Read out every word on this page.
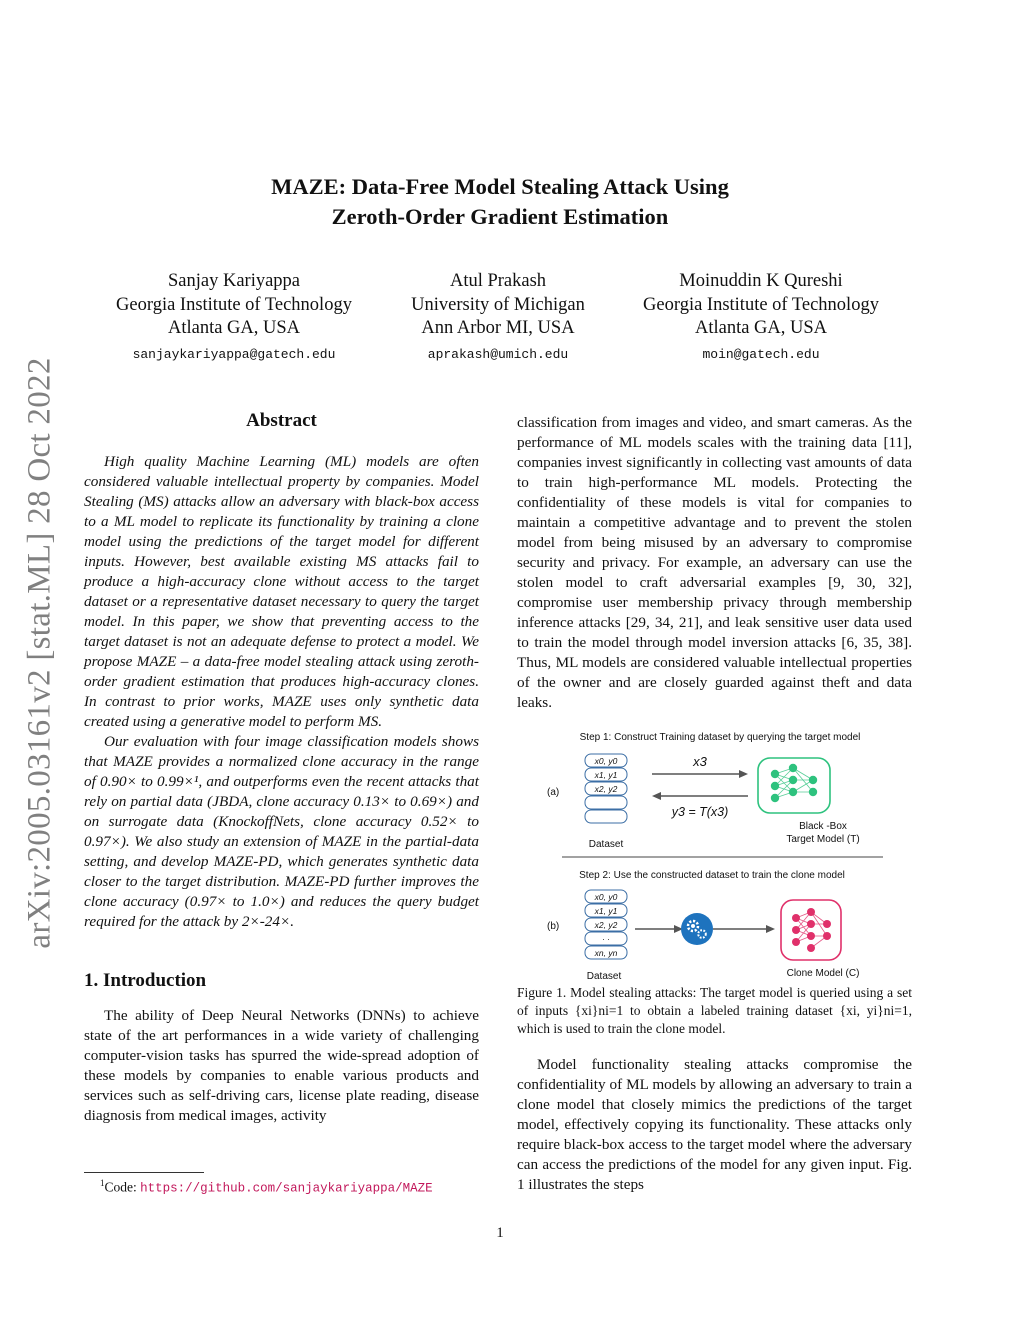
arXiv:2005.03161v2 [stat.ML] 28 Oct 2022
MAZE: Data-Free Model Stealing Attack Using
Zeroth-Order Gradient Estimation
Sanjay Kariyappa
Georgia Institute of Technology
Atlanta GA, USA
sanjaykariyappa@gatech.edu
Atul Prakash
University of Michigan
Ann Arbor MI, USA
aprakash@umich.edu
Moinuddin K Qureshi
Georgia Institute of Technology
Atlanta GA, USA
moin@gatech.edu
Abstract

High quality Machine Learning (ML) models are often considered valuable intellectual property by companies. Model Stealing (MS) attacks allow an adversary with black-box access to a ML model to replicate its functionality by training a clone model using the predictions of the target model for different inputs. However, best available existing MS attacks fail to produce a high-accuracy clone without access to the target dataset or a representative dataset necessary to query the target model. In this paper, we show that preventing access to the target dataset is not an adequate defense to protect a model. We propose MAZE – a data-free model stealing attack using zeroth-order gradient estimation that produces high-accuracy clones. In contrast to prior works, MAZE uses only synthetic data created using a generative model to perform MS.

Our evaluation with four image classification models shows that MAZE provides a normalized clone accuracy in the range of 0.90× to 0.99×¹, and outperforms even the recent attacks that rely on partial data (JBDA, clone accuracy 0.13× to 0.69×) and on surrogate data (KnockoffNets, clone accuracy 0.52× to 0.97×). We also study an extension of MAZE in the partial-data setting, and develop MAZE-PD, which generates synthetic data closer to the target distribution. MAZE-PD further improves the clone accuracy (0.97× to 1.0×) and reduces the query budget required for the attack by 2×-24×.

1. Introduction

The ability of Deep Neural Networks (DNNs) to achieve state of the art performances in a wide variety of challenging computer-vision tasks has spurred the wide-spread adoption of these models by companies to enable various products and services such as self-driving cars, license plate reading, disease diagnosis from medical images, activity

$^1$Code: https://github.com/sanjaykariyappa/MAZE

classification from images and video, and smart cameras. As the performance of ML models scales with the training data [11], companies invest significantly in collecting vast amounts of data to train high-performance ML models. Protecting the confidentiality of these models is vital for companies to maintain a competitive advantage and to prevent the stolen model from being misused by an adversary to compromise security and privacy. For example, an adversary can use the stolen model to craft adversarial examples [9, 30, 32], compromise user membership privacy through membership inference attacks [29, 34, 21], and leak sensitive user data used to train the model through model inversion attacks [6, 35, 38]. Thus, ML models are considered valuable intellectual properties of the owner and are closely guarded against theft and data leaks.

Step 1: Construct Training dataset by querying the target model
(a)
x0, y0
x1, y1
x2, y2
Dataset
x3
y3 = T(x3)
Black -Box
Target Model (T)
Step 2: Use the constructed dataset to train the clone model
(b)
x0, y0
x1, y1
x2, y2
· ·
xn, yn
Dataset	Clone Model (C)

Figure 1. Model stealing attacks: The target model is queried using a set of inputs {xi}ni=1 to obtain a labeled training dataset {xi, yi}ni=1, which is used to train the clone model.

Model functionality stealing attacks compromise the confidentiality of ML models by allowing an adversary to train a clone model that closely mimics the predictions of the target model, effectively copying its functionality. These attacks only require black-box access to the target model where the adversary can access the predictions of the model for any given input. Fig. 1 illustrates the steps

1
